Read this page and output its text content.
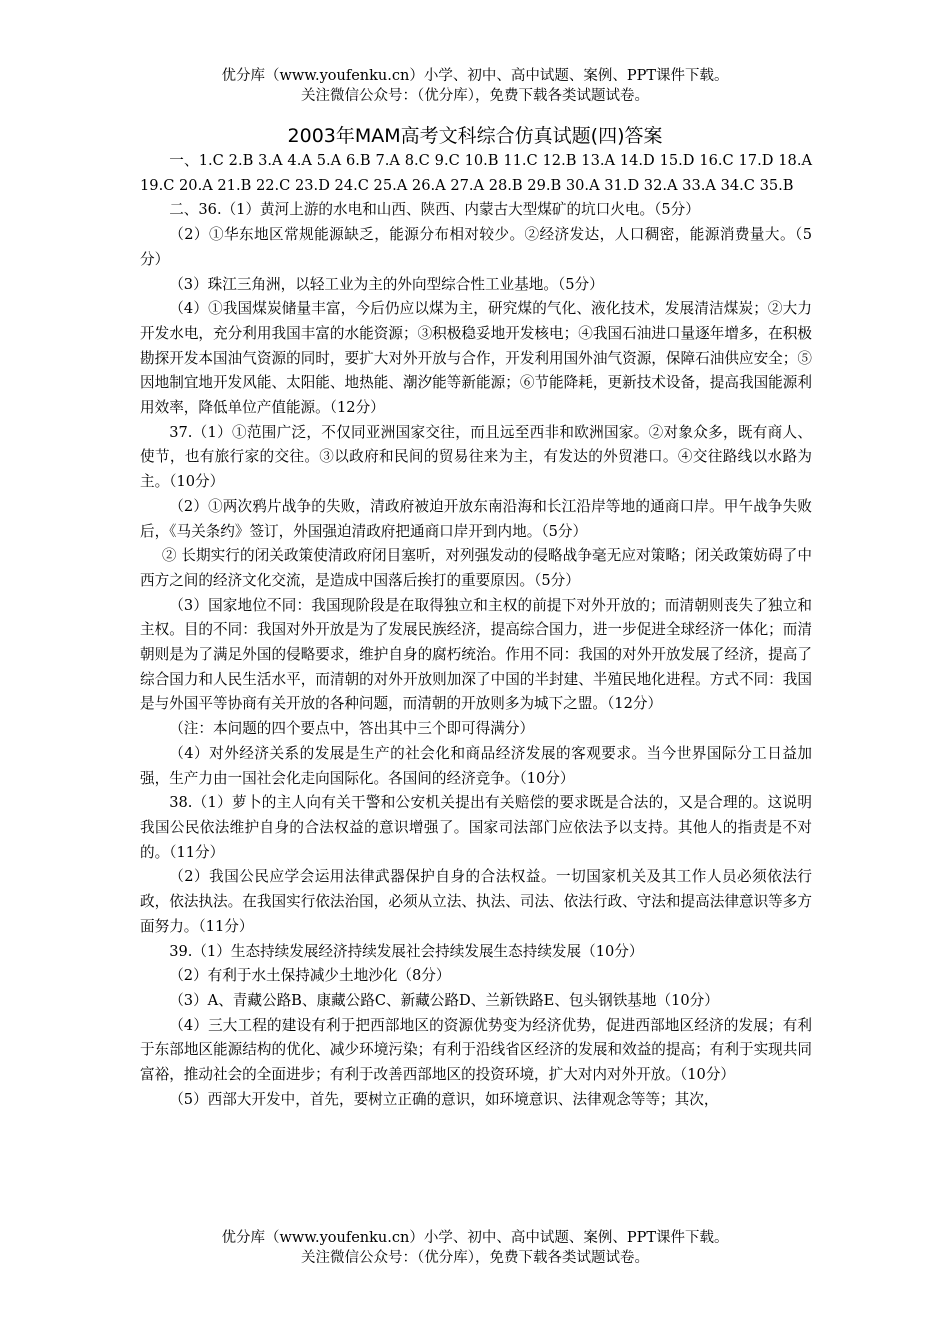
优分库（www.youfenku.cn）小学、初中、高中试题、案例、PPT课件下载。
关注微信公众号：（优分库），免费下载各类试题试卷。
2003年MAM高考文科综合仿真试题(四)答案

一、1.C 2.B 3.A 4.A 5.A 6.B 7.A 8.C 9.C 10.B 11.C 12.B 13.A 14.D 15.D 16.C 17.D 18.A 19.C 20.A 21.B 22.C 23.D 24.C 25.A 26.A 27.A 28.B 29.B 30.A 31.D 32.A 33.A 34.C 35.B

二、36.（1）黄河上游的水电和山西、陕西、内蒙古大型煤矿的坑口火电。（5分）

（2）①华东地区常规能源缺乏，能源分布相对较少。②经济发达，人口稠密，能源消费量大。（5分）

（3）珠江三角洲，以轻工业为主的外向型综合性工业基地。（5分）

（4）①我国煤炭储量丰富，今后仍应以煤为主，研究煤的气化、液化技术，发展清洁煤炭；②大力开发水电，充分利用我国丰富的水能资源；③积极稳妥地开发核电；④我国石油进口量逐年增多，在积极勘探开发本国油气资源的同时，要扩大对外开放与合作，开发利用国外油气资源，保障石油供应安全；⑤因地制宜地开发风能、太阳能、地热能、潮汐能等新能源；⑥节能降耗，更新技术设备，提高我国能源利用效率，降低单位产值能源。（12分）

37.（1）①范围广泛，不仅同亚洲国家交往，而且远至西非和欧洲国家。②对象众多，既有商人、使节，也有旅行家的交往。③以政府和民间的贸易往来为主，有发达的外贸港口。④交往路线以水路为主。（10分）

（2）①两次鸦片战争的失败，清政府被迫开放东南沿海和长江沿岸等地的通商口岸。甲午战争失败后，《马关条约》签订，外国强迫清政府把通商口岸开到内地。（5分）

② 长期实行的闭关政策使清政府闭目塞听，对列强发动的侵略战争毫无应对策略；闭关政策妨碍了中西方之间的经济文化交流，是造成中国落后挨打的重要原因。（5分）

（3）国家地位不同：我国现阶段是在取得独立和主权的前提下对外开放的；而清朝则丧失了独立和主权。目的不同：我国对外开放是为了发展民族经济，提高综合国力，进一步促进全球经济一体化；而清朝则是为了满足外国的侵略要求，维护自身的腐朽统治。作用不同：我国的对外开放发展了经济，提高了综合国力和人民生活水平，而清朝的对外开放则加深了中国的半封建、半殖民地化进程。方式不同：我国是与外国平等协商有关开放的各种问题，而清朝的开放则多为城下之盟。（12分）

（注：本问题的四个要点中，答出其中三个即可得满分）

（4）对外经济关系的发展是生产的社会化和商品经济发展的客观要求。当今世界国际分工日益加强，生产力由一国社会化走向国际化。各国间的经济竞争。（10分）

38.（1）萝卜的主人向有关干警和公安机关提出有关赔偿的要求既是合法的，又是合理的。这说明我国公民依法维护自身的合法权益的意识增强了。国家司法部门应依法予以支持。其他人的指责是不对的。（11分）

（2）我国公民应学会运用法律武器保护自身的合法权益。一切国家机关及其工作人员必须依法行政，依法执法。在我国实行依法治国，必须从立法、执法、司法、依法行政、守法和提高法律意识等多方面努力。（11分）

39.（1）生态持续发展经济持续发展社会持续发展生态持续发展（10分）

（2）有利于水土保持减少土地沙化（8分）

（3）A、青藏公路B、康藏公路C、新藏公路D、兰新铁路E、包头钢铁基地（10分）

（4）三大工程的建设有利于把西部地区的资源优势变为经济优势，促进西部地区经济的发展；有利于东部地区能源结构的优化、减少环境污染；有利于沿线省区经济的发展和效益的提高；有利于实现共同富裕，推动社会的全面进步；有利于改善西部地区的投资环境，扩大对内对外开放。（10分）

（5）西部大开发中，首先，要树立正确的意识，如环境意识、法律观念等等；其次，

优分库（www.youfenku.cn）小学、初中、高中试题、案例、PPT课件下载。
关注微信公众号：（优分库），免费下载各类试题试卷。
